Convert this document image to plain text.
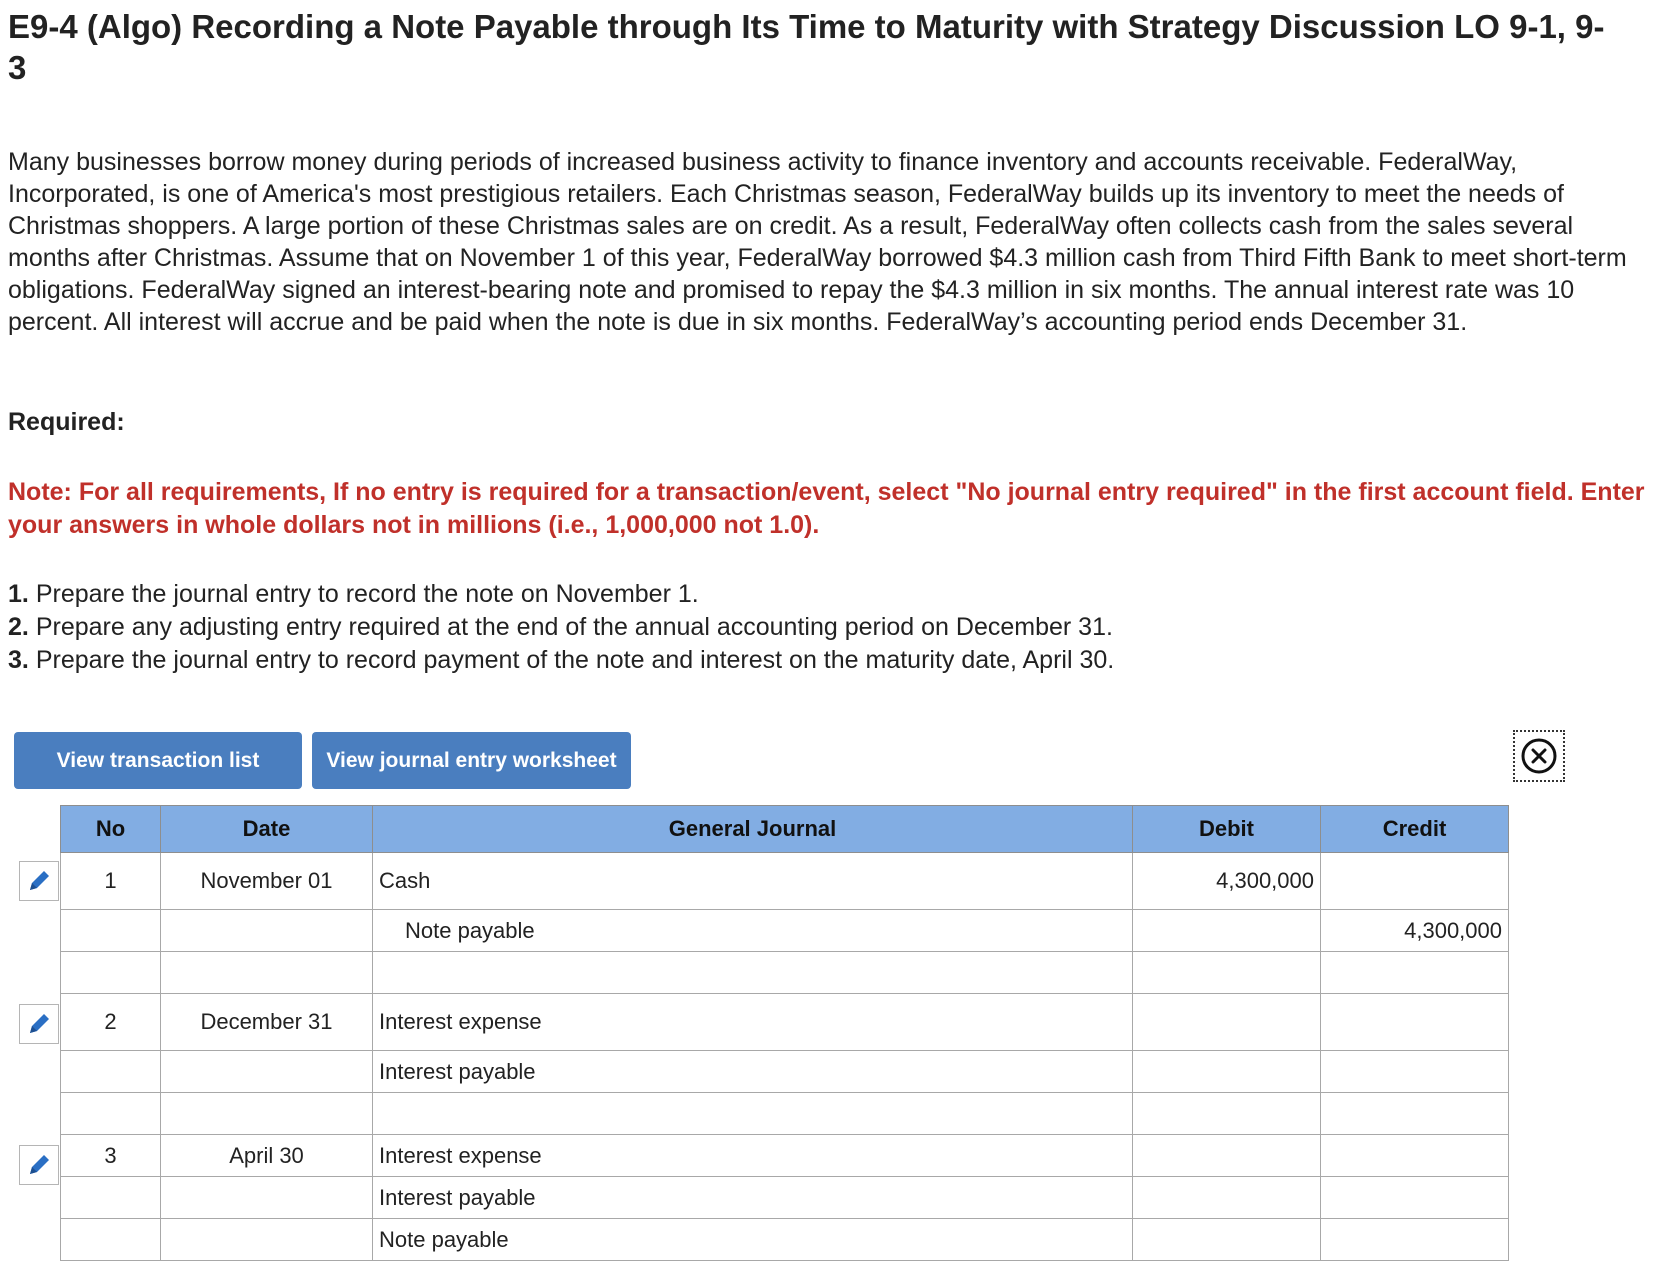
E9-4 (Algo) Recording a Note Payable through Its Time to Maturity with Strategy Discussion LO 9-1, 9-3

Many businesses borrow money during periods of increased business activity to finance inventory and accounts receivable. FederalWay, Incorporated, is one of America's most prestigious retailers. Each Christmas season, FederalWay builds up its inventory to meet the needs of Christmas shoppers. A large portion of these Christmas sales are on credit. As a result, FederalWay often collects cash from the sales several months after Christmas. Assume that on November 1 of this year, FederalWay borrowed $4.3 million cash from Third Fifth Bank to meet short-term obligations. FederalWay signed an interest-bearing note and promised to repay the $4.3 million in six months. The annual interest rate was 10 percent. All interest will accrue and be paid when the note is due in six months. FederalWay’s accounting period ends December 31.

Required:

Note: For all requirements, If no entry is required for a transaction/event, select "No journal entry required" in the first account field. Enter your answers in whole dollars not in millions (i.e., 1,000,000 not 1.0).

1. Prepare the journal entry to record the note on November 1.
2. Prepare any adjusting entry required at the end of the annual accounting period on December 31.
3. Prepare the journal entry to record payment of the note and interest on the maturity date, April 30.
View transaction list	View journal entry worksheet
No	Date	General Journal	Debit	Credit
1	November 01	Cash	4,300,000	
		Note payable		4,300,000

2	December 31	Interest expense		
		Interest payable		

3	April 30	Interest expense		
		Interest payable		
		Note payable		
